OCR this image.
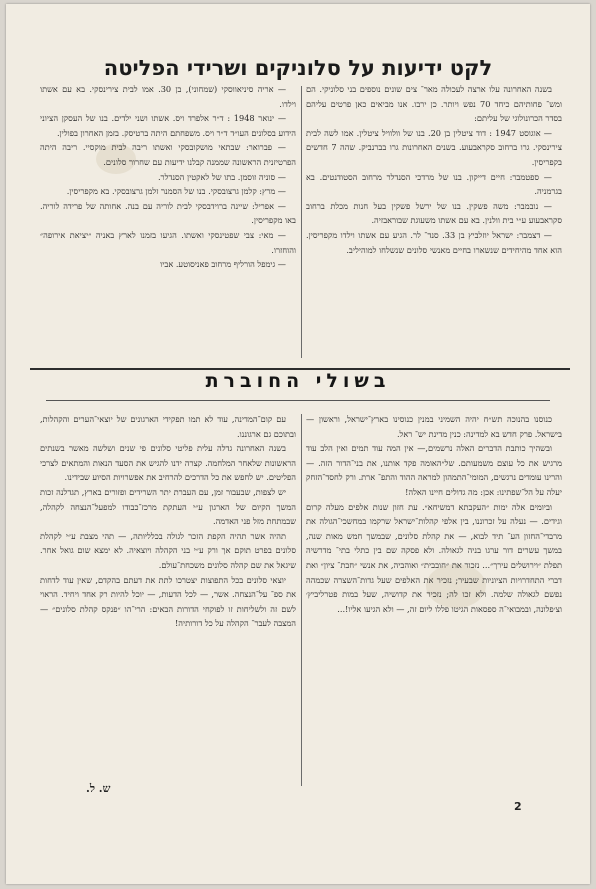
לקט ידיעות על סלוניקים ושרידי הפליטה

בשנה האחרונה עלו ארצה לעכולה מאר־ צים שונים נוספים בני סלוניקי. הם ומש־ פחותיהם כיחד 70 נפש ויותר. כן ירבו. אנו מביאים כאן פרטים עליהם בסדר הכרונולוגי של עליתם:

— אוגוסט 1947 : דוד ציטלין בן 20. בנו של וולוויל ציטלין. אמו לשה לבית צירינסקי. גרו ברחוב סקראבעוע. בשנים האחרונות גרו בברנביק. שהה 7 חדשים בקפריסין.

— ספטמבר: חיים דייקון. בנו של מרדכי הסנדלר מרחוב הסטודנטים. בא בגרמניה.

— נובמבר: משה פשקין. בנו של ירשל פשקין בעל חנות מכלת ברחוב סקראבעוע ע״י בית וולנין. בא עם אשתו משעוגת שבוראבזיה.

— דצמבר: ישראל יוזלביץ בן 33. סנד־ לר. הגיע עם אשתו וילדו מקפריסין. הוא אחד מהיחידים שנשארו בחיים מאנשי סלונים שנשלחו למוהיליב.

— אריה סיניאווסקי (שמחוני), בן 30. אמו לבית צירינסקי. בא עם אשתו וילדו.

— ינואר 1948 : ד״ר אלפרד ויס. אשתו ושני ילדים. בנו של העסקן הציוני הידוע בסלונים העו״ד ד״ר ויס. משפחתם היתה ברטיסק. בזמן האחרון בפולין.

— פברואר: שבתאי מושקובסקי ואשתו ריבה לבית מוקסיי. ריבה היתה הפרטיזנית הראשונה שממנה קבלנו ידיעות עם שחרור סלונים.

— סוניה זוסמן. בתו של לאקטין הסנדלר.

— מרץ: קלמן גרצובסקי. בנו של הסמנר זלמן גרצובסקי. בא מקפריסין.

— אפריל: שיינה ברוידבסקי לבית לוריה עם בנה. אחותה של פרידה לוריה. באו מקפריסין.

— מאי: צבי שפטינסקי ואשתו. הגיעו בזמנו לארץ באניה ״יציאת אירופה״ והוחזרו.

— גימפל הורליף מרחוב פאניסוטע. אביו

בשולי החוברת

כנוסנו בהנוכה תש״ח יהיה השמיני במנין כנוסינו בארץ־ישראל, וראשון — בישראל. פרק חדש בא למדינה: כנין מדינת יש־ ראל.

ובשהיך כותבת הדברים האלה נרשמים,— אין המה עוד תמים ואין הלב עוד מרגיש את כל עוצם משמעותם. של״האומה פקד אותנו, את בני־הדור הזה. — והרינו עומדים נרגשים, המומי־התמהון למראה ההוד והתפ־ ארת. ורק לחסד־הזחק יעלה על הל־שפתינו: אכן: מה גדולים חיינו האלה!

וביומים אלה ימות ״העקבתא דמשיחא״. עת חזון שנות אלפים מעלה קרום וגידים. — נעלה על זכרוננו, בין אלפי קהלות־ישראל שרקמו במחשכי־הגולה את מרבדי־החזון הע־ תיד לבוא, — את קהלת סלונים, שבמשך חמש מאות שנה, במשך עשרים דור ערגו בניה לגאולה. ולא פסקה שם בין כתלי בתי־ מדרשיה תפלת ״וירושלים עירך״... נזכור את ״חובבית״ ואוהביה, את אנשי ״חבת־ ציון״ ואת דברי התחדרויות הציוניות שבעיר; נזכיר את האלפים שעל גדות־השצרה שכמהה נפשם לגאולה שלמה. ולא זכו לה; נזכיר את קדושיה, שעל במות פטרליביץ׳ וצ׳פלונה, ובמבואי־ה ספסאות הגיטו פללו ליום זה, — ולא הגיעו אליו!...

עם קום־המדינה, עוד לא תמו תפקידי הארגונים של יוצאי־הערים והקהלות, ובתוכם גם ארגוננו.

בשנה האחרונה גדלה עלית פליטי סלונים פי שנים ושלשה מאשר בשנתים הראשונות שלאחר המלחמה. קצרה ידנו להגיש את הסעד הנאות והמתאים לצרכי הפליטים. יש לחפש את כל הדרכים להרחיב את אפשרויות הסיוע שבידינו.

יש לצפות, שבעבור זמן, עם העברת יתר השרידים ופזורים בארץ, תגדלנה זכות המשך הקיום של הארגון ע״י העתקת מרכז־כבודו למפעל־הנצחה לקהלה, שבמתחת מזל פני האדמה.

תהיה אשר תהיה הקפת הזכר לגולה בכלליותה, — תהי מצבת ע״י לקהלת סלונים בפרט תוקם אך ורק ע״י בני הקהלה ויוצאיה. לא ימצא שום גואל אחר. שיגאל את שם קהלה סלונים משכחת־עולם.

יוצאי סלונים בכל התפוצות יצטרכו לתת את דעתם בהקדם, שאין עוד לדחות את ספ־ על־הנצחה. אשר, — לכל הדעות, — יוכל להיות רק אחד ויחיד. הראוי לשם זה ולשליחות זו לפוקחי הדורות הבאים: הרי־הו ״פנקס קהלת סלונים״ — המצבה לעבר־ הקהלה על כל דורותיה!

ש. ל.
2
